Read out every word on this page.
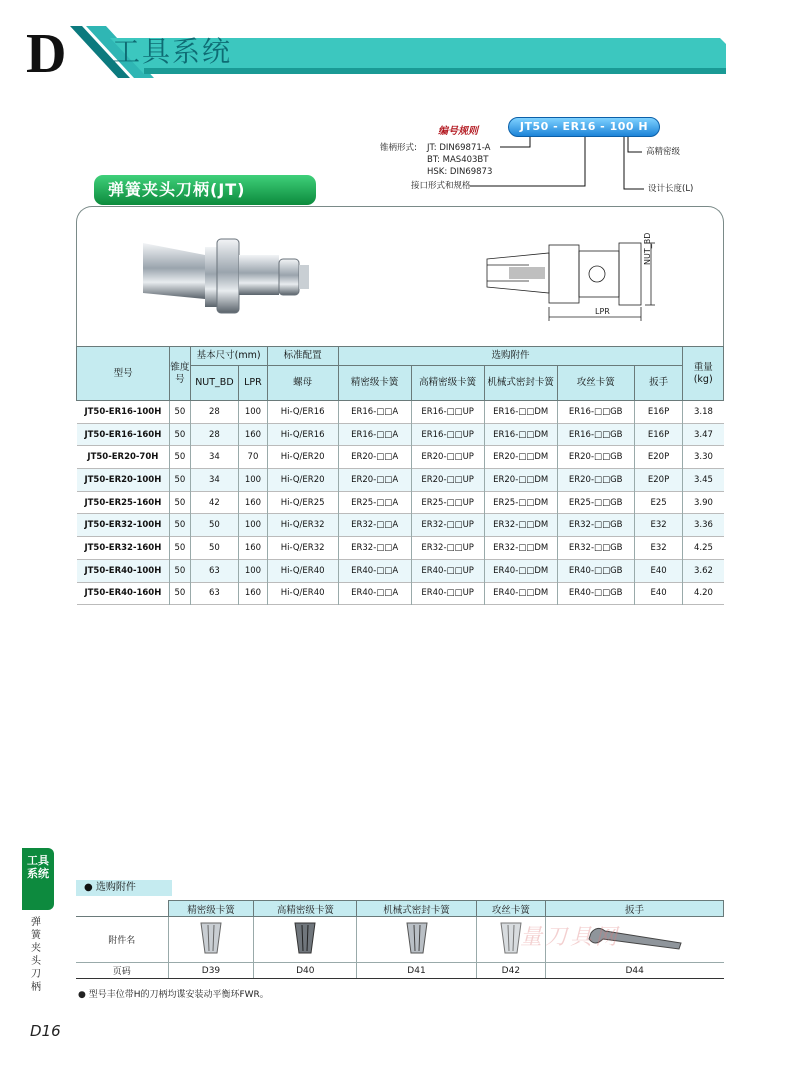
D 工具系统
编号规则	JT50 - ER16 - 100 H
锥柄形式: JT: DIN69871-A
BT: MAS403BT
HSK: DIN69873
接口形式和规格
高精密级
设计长度(L)
弹簧夹头刀柄(JT)
NUT_BD
LPR
型号	锥度号	基本尺寸(mm)		标准配置	选购附件					重量(kg)
		NUT_BD	LPR	螺母	精密级卡簧	高精密级卡簧	机械式密封卡簧	攻丝卡簧	扳手	
JT50-ER16-100H	50	28	100	Hi-Q/ER16	ER16-□□A	ER16-□□UP	ER16-□□DM	ER16-□□GB	E16P	3.18
JT50-ER16-160H	50	28	160	Hi-Q/ER16	ER16-□□A	ER16-□□UP	ER16-□□DM	ER16-□□GB	E16P	3.47
JT50-ER20-70H	50	34	70	Hi-Q/ER20	ER20-□□A	ER20-□□UP	ER20-□□DM	ER20-□□GB	E20P	3.30
JT50-ER20-100H	50	34	100	Hi-Q/ER20	ER20-□□A	ER20-□□UP	ER20-□□DM	ER20-□□GB	E20P	3.45
JT50-ER25-160H	50	42	160	Hi-Q/ER25	ER25-□□A	ER25-□□UP	ER25-□□DM	ER25-□□GB	E25	3.90
JT50-ER32-100H	50	50	100	Hi-Q/ER32	ER32-□□A	ER32-□□UP	ER32-□□DM	ER32-□□GB	E32	3.36
JT50-ER32-160H	50	50	160	Hi-Q/ER32	ER32-□□A	ER32-□□UP	ER32-□□DM	ER32-□□GB	E32	4.25
JT50-ER40-100H	50	63	100	Hi-Q/ER40	ER40-□□A	ER40-□□UP	ER40-□□DM	ER40-□□GB	E40	3.62
JT50-ER40-160H	50	63	160	Hi-Q/ER40	ER40-□□A	ER40-□□UP	ER40-□□DM	ER40-□□GB	E40	4.20
工具系统
弹簧夹头刀柄
● 选购附件
	精密级卡簧	高精密级卡簧	机械式密封卡簧	攻丝卡簧	扳手
附件名					
页码	D39	D40	D41	D42	D44
量刀具网
● 型号丰位带H的刀柄均谍安装动平衡环FWR。
D16
